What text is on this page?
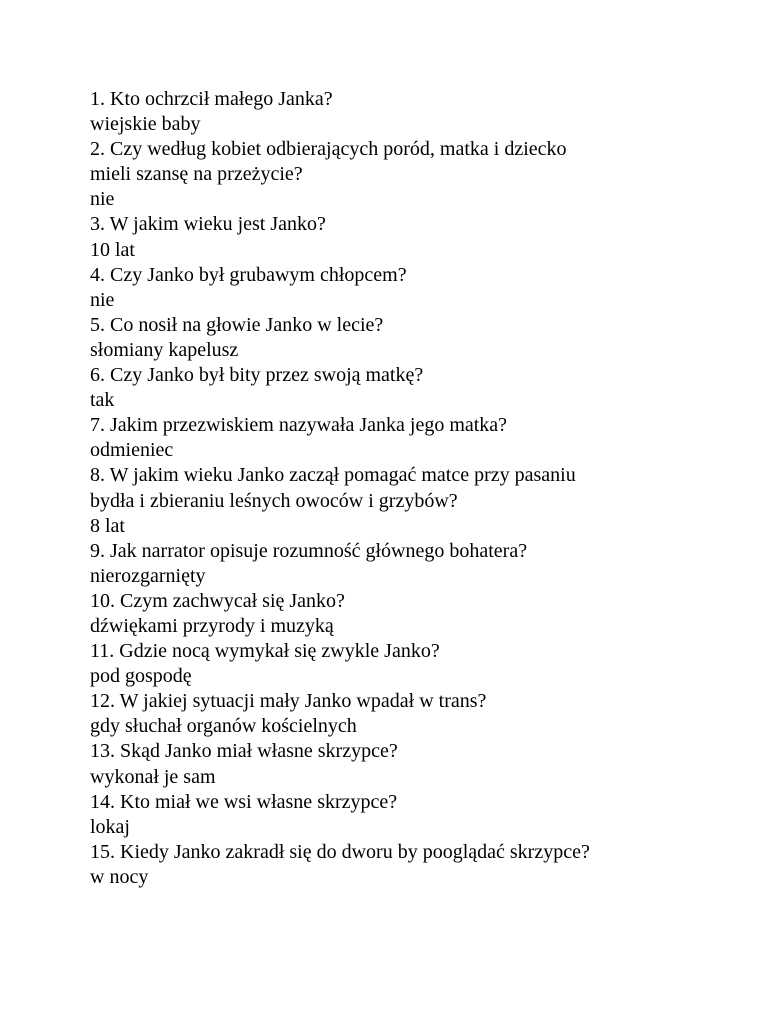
1. Kto ochrzcił małego Janka?
wiejskie baby
2. Czy według kobiet odbierających poród, matka i dziecko
mieli szansę na przeżycie?
nie
3. W jakim wieku jest Janko?
10 lat
4. Czy Janko był grubawym chłopcem?
nie
5. Co nosił na głowie Janko w lecie?
słomiany kapelusz
6. Czy Janko był bity przez swoją matkę?
tak
7. Jakim przezwiskiem nazywała Janka jego matka?
odmieniec
8. W jakim wieku Janko zaczął pomagać matce przy pasaniu
bydła i zbieraniu leśnych owoców i grzybów?
8 lat
9. Jak narrator opisuje rozumność głównego bohatera?
nierozgarnięty
10. Czym zachwycał się Janko?
dźwiękami przyrody i muzyką
11. Gdzie nocą wymykał się zwykle Janko?
pod gospodę
12. W jakiej sytuacji mały Janko wpadał w trans?
gdy słuchał organów kościelnych
13. Skąd Janko miał własne skrzypce?
wykonał je sam
14. Kto miał we wsi własne skrzypce?
lokaj
15. Kiedy Janko zakradł się do dworu by pooglądać skrzypce?
w nocy
